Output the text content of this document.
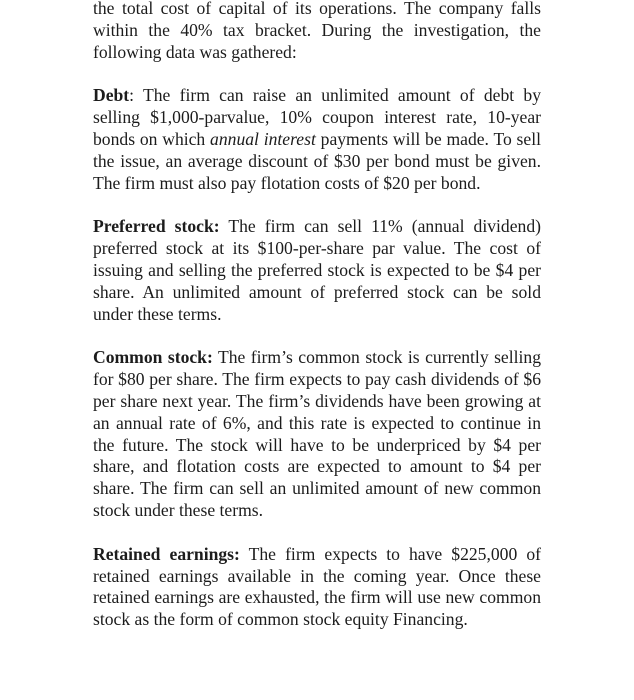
the total cost of capital of its operations. The company falls within the 40% tax bracket. During the investigation, the following data was gathered:

Debt: The firm can raise an unlimited amount of debt by selling $1,000-parvalue, 10% coupon interest rate, 10-year bonds on which annual interest payments will be made. To sell the issue, an average discount of $30 per bond must be given. The firm must also pay flotation costs of $20 per bond.

Preferred stock: The firm can sell 11% (annual dividend) preferred stock at its $100-per-share par value. The cost of issuing and selling the preferred stock is expected to be $4 per share. An unlimited amount of preferred stock can be sold under these terms.

Common stock: The firm’s common stock is currently selling for $80 per share. The firm expects to pay cash dividends of $6 per share next year. The firm’s dividends have been growing at an annual rate of 6%, and this rate is expected to continue in the future. The stock will have to be underpriced by $4 per share, and flotation costs are expected to amount to $4 per share. The firm can sell an unlimited amount of new common stock under these terms.

Retained earnings: The firm expects to have $225,000 of retained earnings available in the coming year. Once these retained earnings are exhausted, the firm will use new common stock as the form of common stock equity Financing.
